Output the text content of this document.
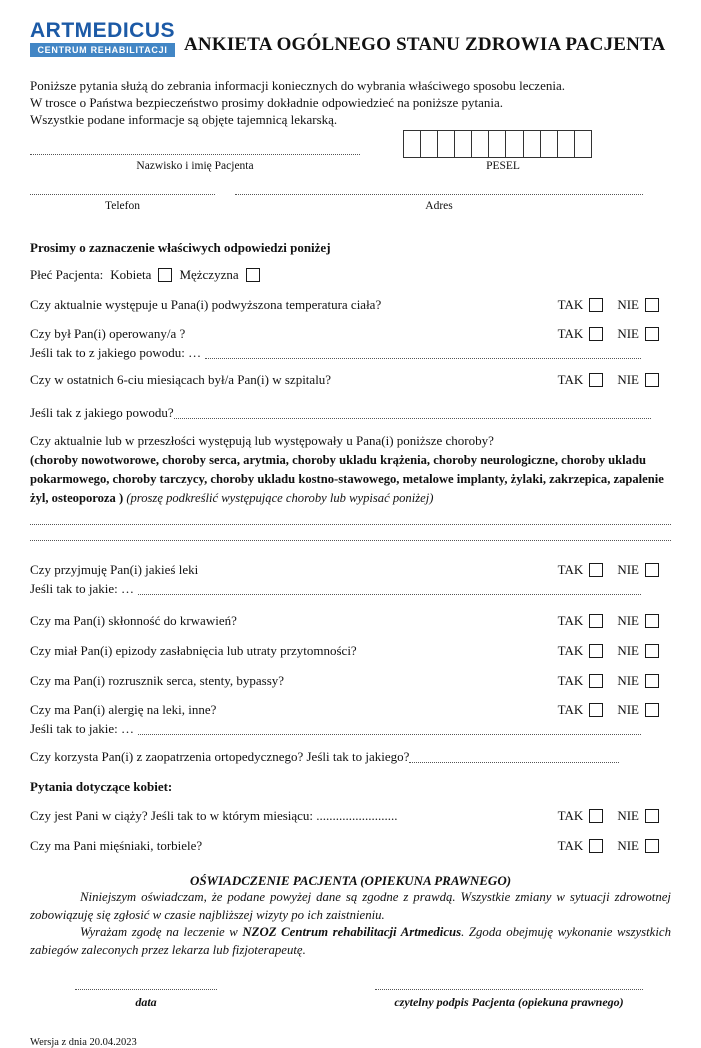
ARTMEDICUS
CENTRUM REHABILITACJI ANKIETA OGÓLNEGO STANU ZDROWIA PACJENTA

Poniższe pytania służą do zebrania informacji koniecznych do wybrania właściwego sposobu leczenia.

W trosce o Państwa bezpieczeństwo prosimy dokładnie odpowiedzieć na poniższe pytania.

Wszystkie podane informacje są objęte tajemnicą lekarską.

Nazwisko i imię Pacjenta	PESEL
Telefon	Adres
Prosimy o zaznaczenie właściwych odpowiedzi poniżej
Płeć Pacjenta: Kobieta Mężczyzna
Czy aktualnie występuje u Pana(i) podwyższona temperatura ciała?	TAK	NIE
Czy był Pan(i) operowany/a ?	TAK	NIE
Jeśli tak to z jakiego powodu: …
Czy w ostatnich 6-ciu miesiącach był/a Pan(i) w szpitalu?	TAK	NIE
Jeśli tak z jakiego powodu?
Czy aktualnie lub w przeszłości występują lub występowały u Pana(i) poniższe choroby?
(choroby nowotworowe, choroby serca, arytmia, choroby ukladu krążenia, choroby neurologiczne, choroby ukladu pokarmowego, choroby tarczycy, choroby ukladu kostno-stawowego, metalowe implanty, żylaki, zakrzepica, zapalenie żyl, osteoporoza ) (proszę podkreślić występujące choroby lub wypisać poniżej)
Czy przyjmuję Pan(i) jakieś leki	TAK	NIE
Jeśli tak to jakie: …
Czy ma Pan(i) skłonność do krwawień?	TAK	NIE
Czy miał Pan(i) epizody zasłabnięcia lub utraty przytomności?	TAK	NIE
Czy ma Pan(i) rozrusznik serca, stenty, bypassy?	TAK	NIE
Czy ma Pan(i) alergię na leki, inne?	TAK	NIE
Jeśli tak to jakie: …
Czy korzysta Pan(i) z zaopatrzenia ortopedycznego? Jeśli tak to jakiego?
Pytania dotyczące kobiet:
Czy jest Pani w ciąży? Jeśli tak to w którym miesiącu: .........................	TAK	NIE
Czy ma Pani mięśniaki, torbiele?	TAK	NIE
OŚWIADCZENIE PACJENTA (OPIEKUNA PRAWNEGO)

Niniejszym oświadczam, że podane powyżej dane są zgodne z prawdą. Wszystkie zmiany w sytuacji zdrowotnej zobowiązuję się zgłosić w czasie najbliższej wizyty po ich zaistnieniu.

Wyrażam zgodę na leczenie w NZOZ Centrum rehabilitacji Artmedicus. Zgoda obejmuję wykonanie wszystkich zabiegów zaleconych przez lekarza lub fizjoterapeutę.

data	czytelny podpis Pacjenta (opiekuna prawnego)
Wersja z dnia 20.04.2023
